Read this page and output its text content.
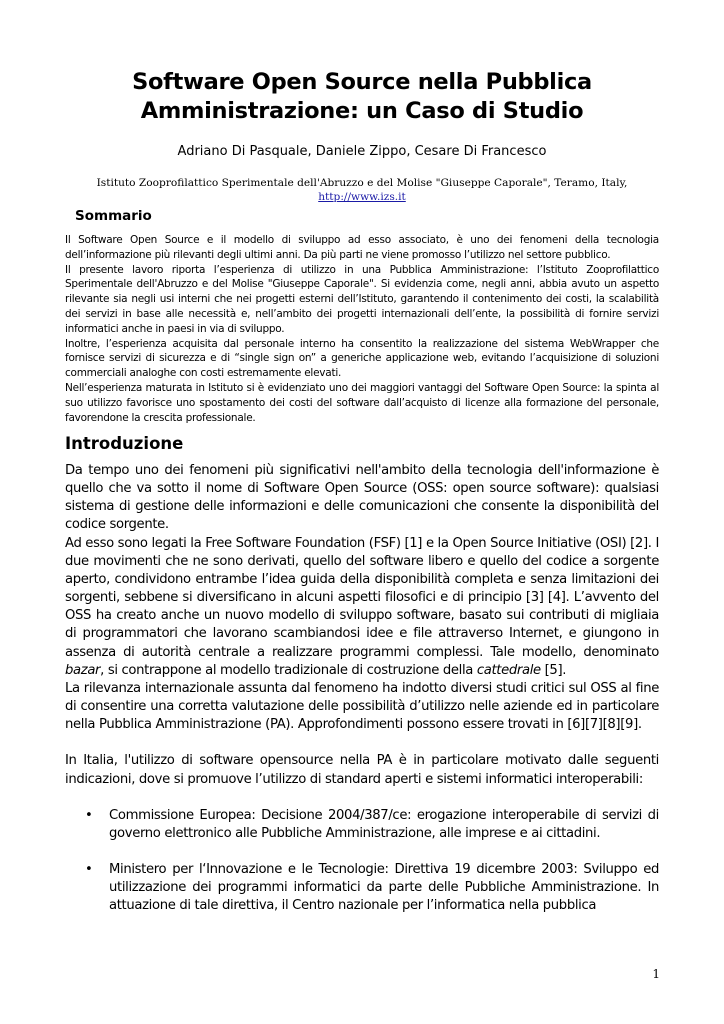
Software Open Source nella Pubblica Amministrazione: un Caso di Studio
Adriano Di Pasquale, Daniele Zippo, Cesare Di Francesco
Istituto Zooprofilattico Sperimentale dell'Abruzzo e del Molise "Giuseppe Caporale", Teramo, Italy,
http://www.izs.it
Sommario

Il Software Open Source e il modello di sviluppo ad esso associato, è uno dei fenomeni della tecnologia dell’informazione più rilevanti degli ultimi anni. Da più parti ne viene promosso l’utilizzo nel settore pubblico.

Il presente lavoro riporta l’esperienza di utilizzo in una Pubblica Amministrazione: l’Istituto Zooprofilattico Sperimentale dell'Abruzzo e del Molise "Giuseppe Caporale". Si evidenzia come, negli anni, abbia avuto un aspetto rilevante sia negli usi interni che nei progetti esterni dell’Istituto, garantendo il contenimento dei costi, la scalabilità dei servizi in base alle necessità e, nell’ambito dei progetti internazionali dell’ente, la possibilità di fornire servizi informatici anche in paesi in via di sviluppo.

Inoltre, l’esperienza acquisita dal personale interno ha consentito la realizzazione del sistema WebWrapper che fornisce servizi di sicurezza e di “single sign on” a generiche applicazione web, evitando l’acquisizione di soluzioni commerciali analoghe con costi estremamente elevati.

Nell’esperienza maturata in Istituto si è evidenziato uno dei maggiori vantaggi del Software Open Source: la spinta al suo utilizzo favorisce uno spostamento dei costi del software dall’acquisto di licenze alla formazione del personale, favorendone la crescita professionale.

Introduzione

Da tempo uno dei fenomeni più significativi nell'ambito della tecnologia dell'informazione è quello che va sotto il nome di Software Open Source (OSS: open source software): qualsiasi sistema di gestione delle informazioni e delle comunicazioni che consente la disponibilità del codice sorgente.

Ad esso sono legati la Free Software Foundation (FSF) [1] e la Open Source Initiative (OSI) [2]. I due movimenti che ne sono derivati, quello del software libero e quello del codice a sorgente aperto, condividono entrambe l’idea guida della disponibilità completa e senza limitazioni dei sorgenti, sebbene si diversificano in alcuni aspetti filosofici e di principio [3] [4]. L’avvento del OSS ha creato anche un nuovo modello di sviluppo software, basato sui contributi di migliaia di programmatori che lavorano scambiandosi idee e file attraverso Internet, e giungono in assenza di autorità centrale a realizzare programmi complessi. Tale modello, denominato bazar, si contrappone al modello tradizionale di costruzione della cattedrale [5].

La rilevanza internazionale assunta dal fenomeno ha indotto diversi studi critici sul OSS al fine di consentire una corretta valutazione delle possibilità d’utilizzo nelle aziende ed in particolare nella Pubblica Amministrazione (PA). Approfondimenti possono essere trovati in [6][7][8][9].

In Italia, l'utilizzo di software opensource nella PA è in particolare motivato dalle seguenti indicazioni, dove si promuove l’utilizzo di standard aperti e sistemi informatici interoperabili:

• Commissione Europea: Decisione 2004/387/ce: erogazione interoperabile di servizi di governo elettronico alle Pubbliche Amministrazione, alle imprese e ai cittadini.
• Ministero per l‘Innovazione e le Tecnologie: Direttiva 19 dicembre 2003: Sviluppo ed utilizzazione dei programmi informatici da parte delle Pubbliche Amministrazione. In attuazione di tale direttiva, il Centro nazionale per l’informatica nella pubblica
1
